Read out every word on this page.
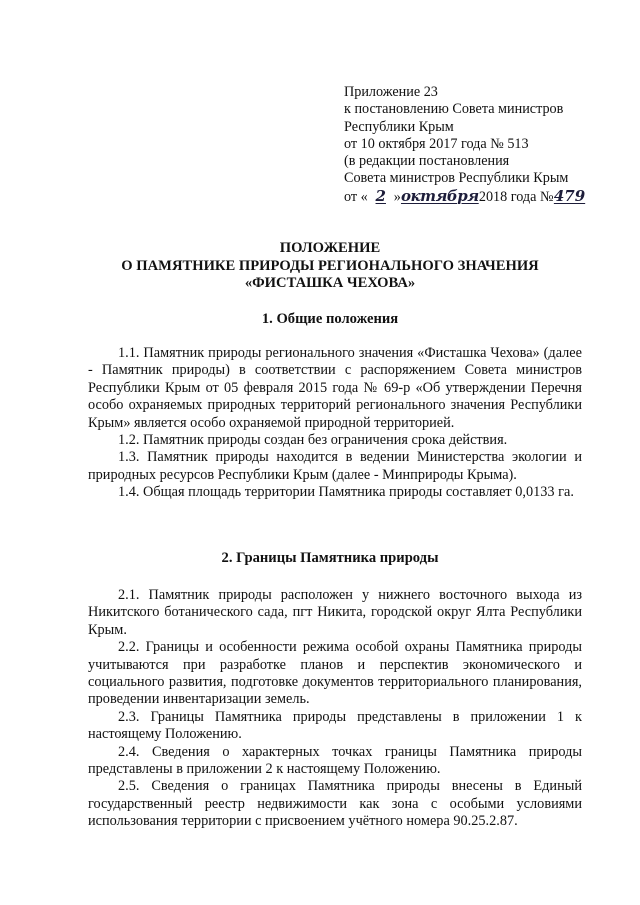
Приложение 23
к постановлению Совета министров
Республики Крым
от 10 октября 2017 года № 513
(в редакции постановления
Совета министров Республики Крым
от « 2 »октября2018 года №479
ПОЛОЖЕНИЕ
О ПАМЯТНИКЕ ПРИРОДЫ РЕГИОНАЛЬНОГО ЗНАЧЕНИЯ
«ФИСТАШКА ЧЕХОВА»
1. Общие положения

1.1. Памятник природы регионального значения «Фисташка Чехова» (далее - Памятник природы) в соответствии с распоряжением Совета министров Республики Крым от 05 февраля 2015 года № 69-р «Об утверждении Перечня особо охраняемых природных территорий регионального значения Республики Крым» является особо охраняемой природной территорией.

1.2. Памятник природы создан без ограничения срока действия.

1.3. Памятник природы находится в ведении Министерства экологии и природных ресурсов Республики Крым (далее - Минприроды Крыма).

1.4. Общая площадь территории Памятника природы составляет 0,0133 га.

2. Границы Памятника природы

2.1. Памятник природы расположен у нижнего восточного выхода из Никитского ботанического сада, пгт Никита, городской округ Ялта Республики Крым.

2.2. Границы и особенности режима особой охраны Памятника природы учитываются при разработке планов и перспектив экономического и социального развития, подготовке документов территориального планирования, проведении инвентаризации земель.

2.3. Границы Памятника природы представлены в приложении 1 к настоящему Положению.

2.4. Сведения о характерных точках границы Памятника природы представлены в приложении 2 к настоящему Положению.

2.5. Сведения о границах Памятника природы внесены в Единый государственный реестр недвижимости как зона с особыми условиями использования территории с присвоением учётного номера 90.25.2.87.
